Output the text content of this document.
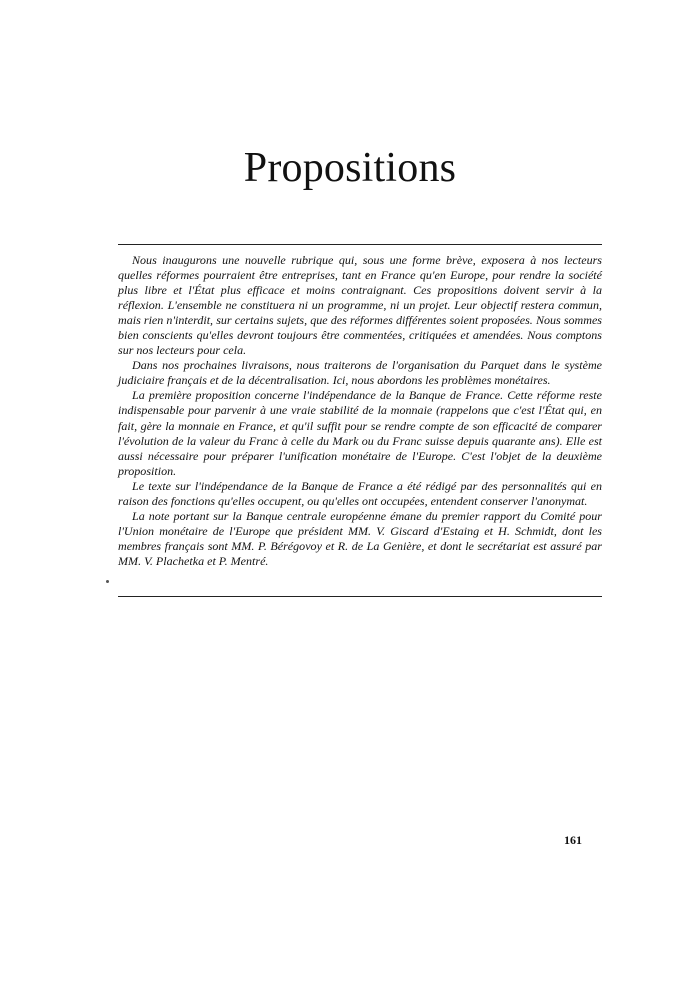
Propositions

Nous inaugurons une nouvelle rubrique qui, sous une forme brève, exposera à nos lecteurs quelles réformes pourraient être entreprises, tant en France qu'en Europe, pour rendre la société plus libre et l'État plus efficace et moins contraignant. Ces propositions doivent servir à la réflexion. L'ensemble ne constituera ni un programme, ni un projet. Leur objectif restera commun, mais rien n'interdit, sur certains sujets, que des réformes différentes soient proposées. Nous sommes bien conscients qu'elles devront toujours être commentées, critiquées et amendées. Nous comptons sur nos lecteurs pour cela.

Dans nos prochaines livraisons, nous traiterons de l'organisation du Parquet dans le système judiciaire français et de la décentralisation. Ici, nous abordons les problèmes monétaires.

La première proposition concerne l'indépendance de la Banque de France. Cette réforme reste indispensable pour parvenir à une vraie stabilité de la monnaie (rappelons que c'est l'État qui, en fait, gère la monnaie en France, et qu'il suffit pour se rendre compte de son efficacité de comparer l'évolution de la valeur du Franc à celle du Mark ou du Franc suisse depuis quarante ans). Elle est aussi nécessaire pour préparer l'unification monétaire de l'Europe. C'est l'objet de la deuxième proposition.

Le texte sur l'indépendance de la Banque de France a été rédigé par des personnalités qui en raison des fonctions qu'elles occupent, ou qu'elles ont occupées, entendent conserver l'anonymat.

La note portant sur la Banque centrale européenne émane du premier rapport du Comité pour l'Union monétaire de l'Europe que président MM. V. Giscard d'Estaing et H. Schmidt, dont les membres français sont MM. P. Bérégovoy et R. de La Genière, et dont le secrétariat est assuré par MM. V. Plachetka et P. Mentré.

161
